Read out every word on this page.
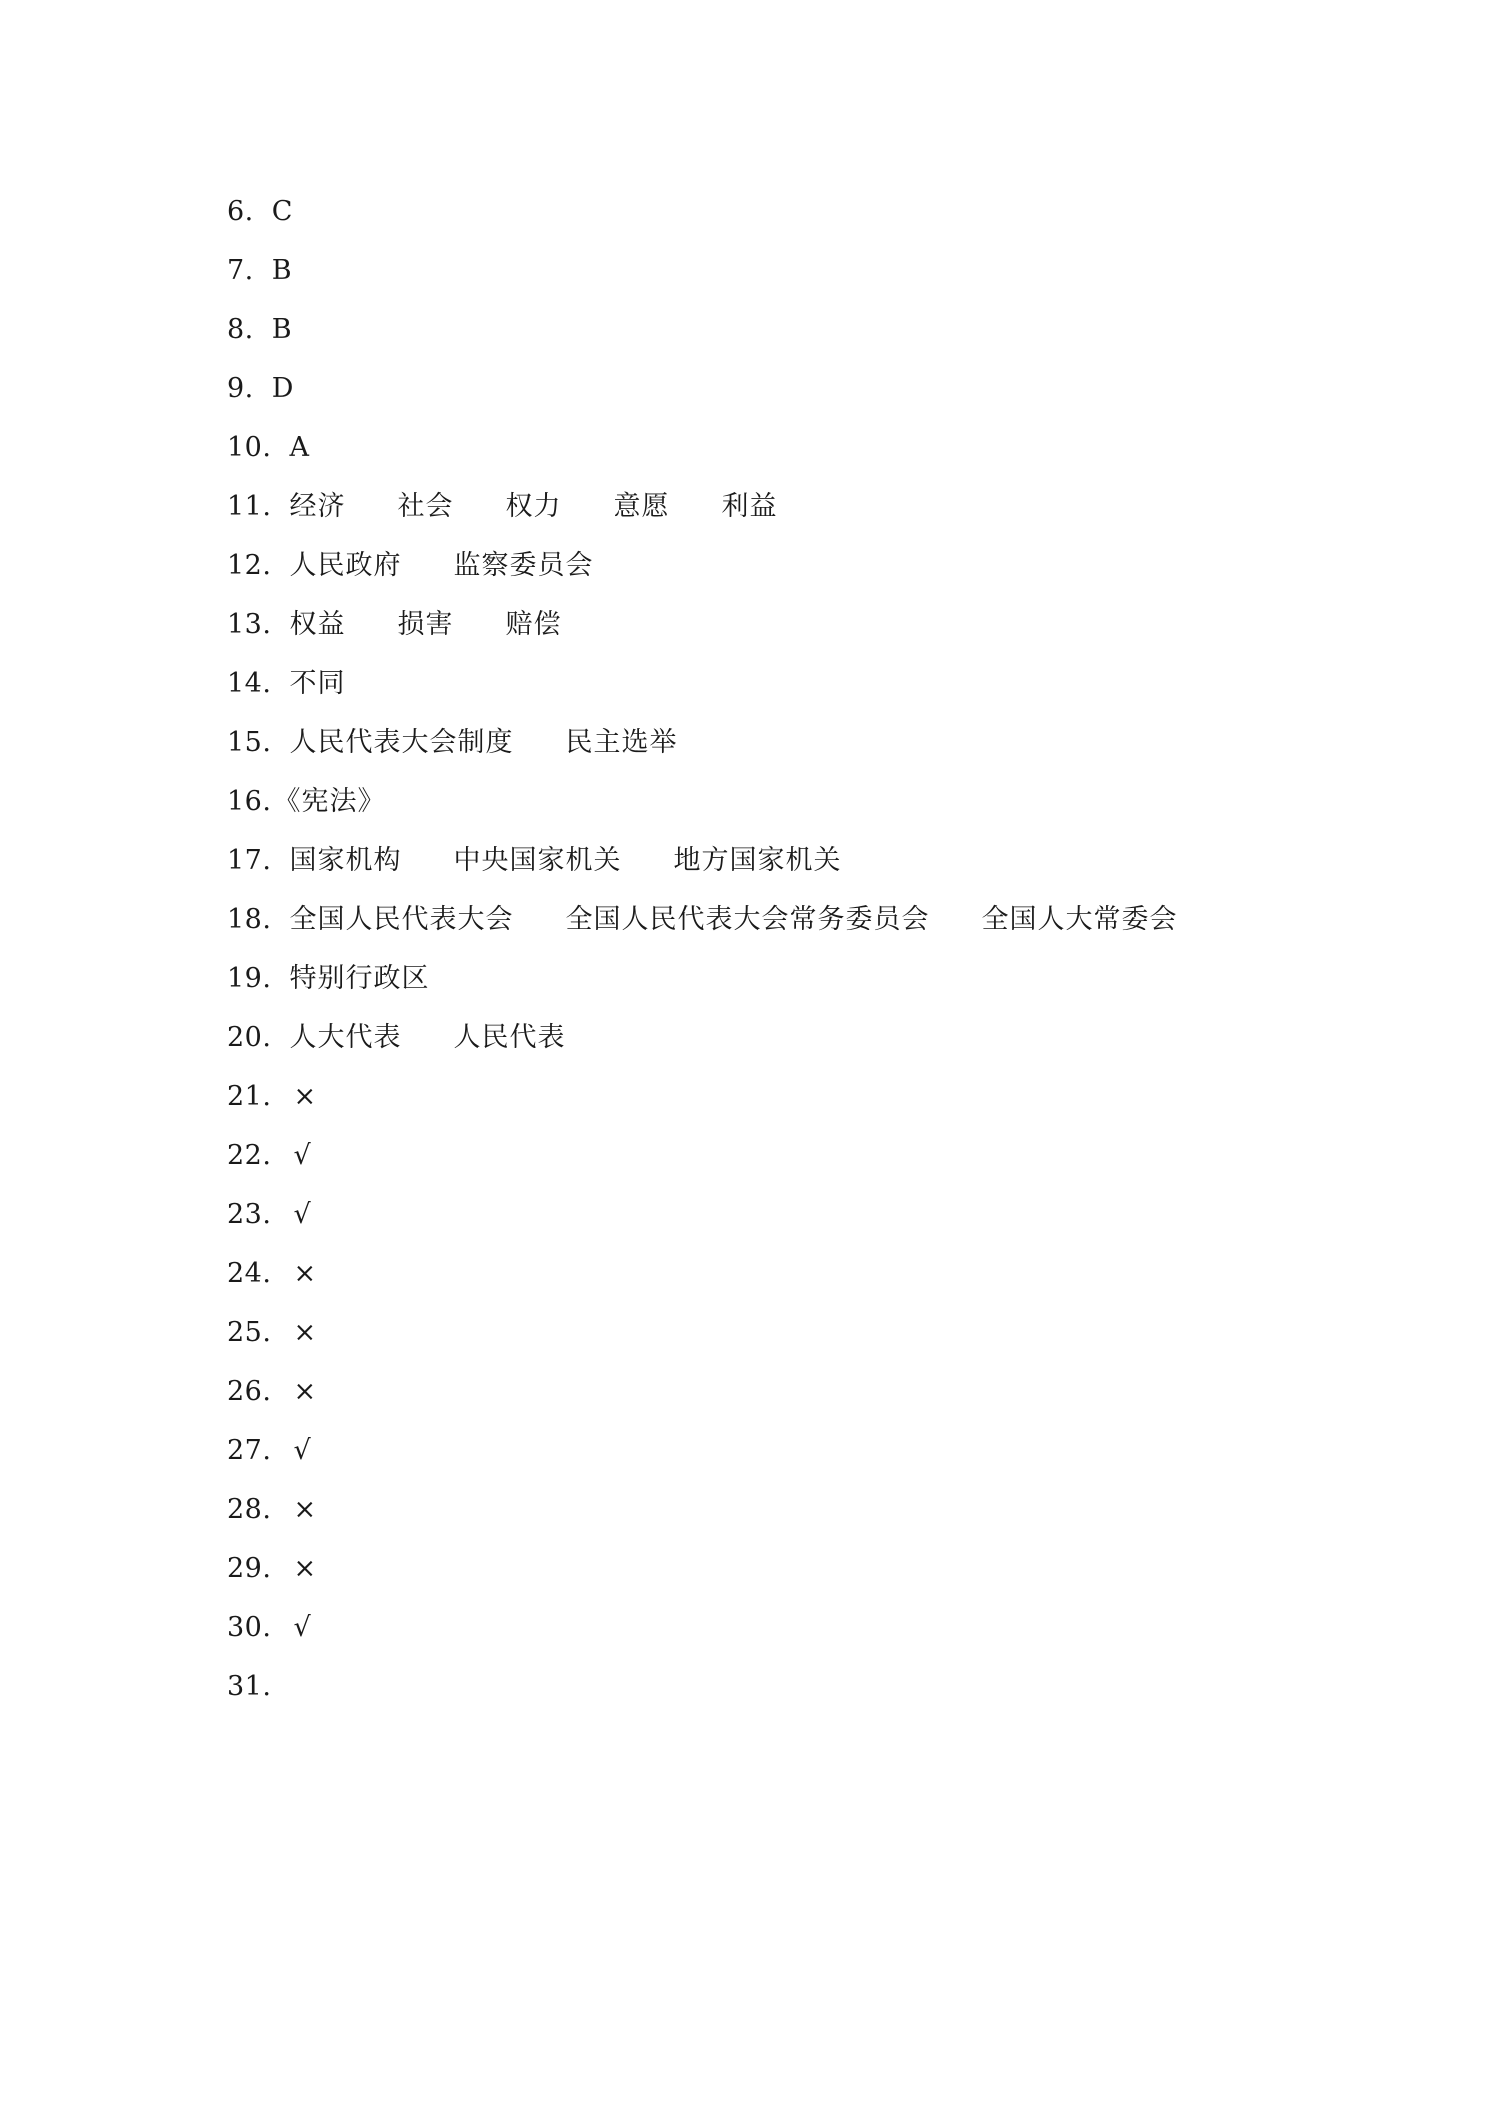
6. C
7. B
8. B
9. D
10. A
11. 经济 社会 权力 意愿 利益
12. 人民政府 监察委员会
13. 权益 损害 赔偿
14. 不同
15. 人民代表大会制度 民主选举
16.《宪法》
17. 国家机构 中央国家机关 地方国家机关
18. 全国人民代表大会 全国人民代表大会常务委员会 全国人大常委会
19. 特别行政区
20. 人大代表 人民代表
21. ×
22. √
23. √
24. ×
25. ×
26. ×
27. √
28. ×
29. ×
30. √
31.
